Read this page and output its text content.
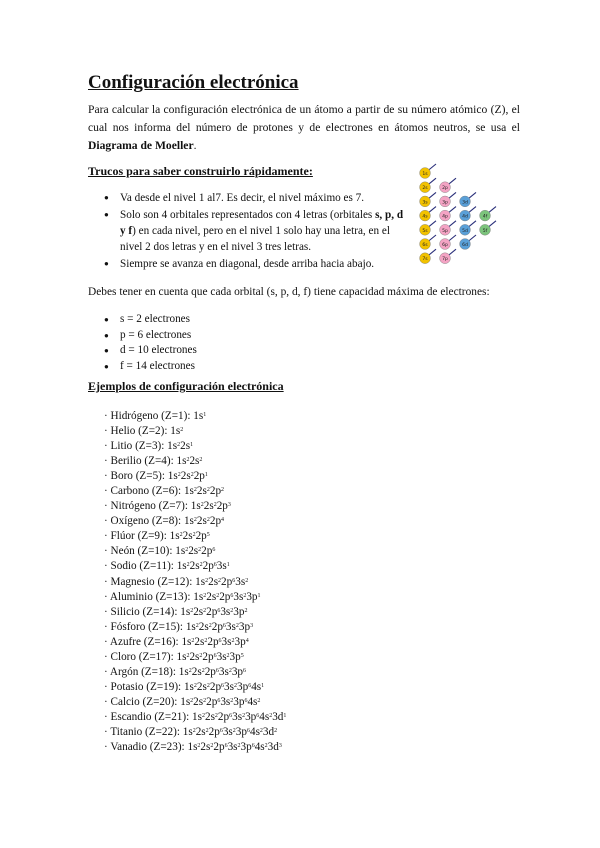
Configuración electrónica

Para calcular la configuración electrónica de un átomo a partir de su número atómico (Z), el cual nos informa del número de protones y de electrones en átomos neutros, se usa el Diagrama de Moeller.

Trucos para saber construirlo rápidamente:
● Va desde el nivel 1 al7. Es decir, el nivel máximo es 7.
● Solo son 4 orbitales representados con 4 letras (orbitales s, p, d y f) en cada nivel, pero en el nivel 1 solo hay una letra, en el nivel 2 dos letras y en el nivel 3 tres letras.
● Siempre se avanza en diagonal, desde arriba hacia abajo.
1s
2s	2p
3s	3p	3d
4s	4p	4d	4f
5s	5p	5d	5f
6s	6p	6d
7s	7p

Debes tener en cuenta que cada orbital (s, p, d, f) tiene capacidad máxima de electrones:

● s = 2 electrones
● p = 6 electrones
● d = 10 electrones
● f = 14 electrones
Ejemplos de configuración electrónica
· Hidrógeno (Z=1): $1s^1$
· Helio (Z=2): $1s^2$
· Litio (Z=3): $1s^22s^1$
· Berilio (Z=4): $1s^22s^2$
· Boro (Z=5): $1s^22s^22p^1$
· Carbono (Z=6): $1s^22s^22p^2$
· Nitrógeno (Z=7): $1s^22s^22p^3$
· Oxígeno (Z=8): $1s^22s^22p^4$
· Flúor (Z=9): $1s^22s^22p^5$
· Neón (Z=10): $1s^22s^22p^6$
· Sodio (Z=11): $1s^22s^22p^63s^1$
· Magnesio (Z=12): $1s^22s^22p^63s^2$
· Aluminio (Z=13): $1s^22s^22p^63s^23p^1$
· Silicio (Z=14): $1s^22s^22p^63s^23p^2$
· Fósforo (Z=15): $1s^22s^22p^63s^23p^3$
· Azufre (Z=16): $1s^22s^22p^63s^23p^4$
· Cloro (Z=17): $1s^22s^22p^63s^23p^5$
· Argón (Z=18): $1s^22s^22p^63s^23p^6$
· Potasio (Z=19): $1s^22s^22p^63s^23p^64s^1$
· Calcio (Z=20): $1s^22s^22p^63s^23p^64s^2$
· Escandio (Z=21): $1s^22s^22p^63s^23p^64s^23d^1$
· Titanio (Z=22): $1s^22s^22p^63s^23p^64s^23d^2$
· Vanadio (Z=23): $1s^22s^22p^63s^23p^64s^23d^3$
